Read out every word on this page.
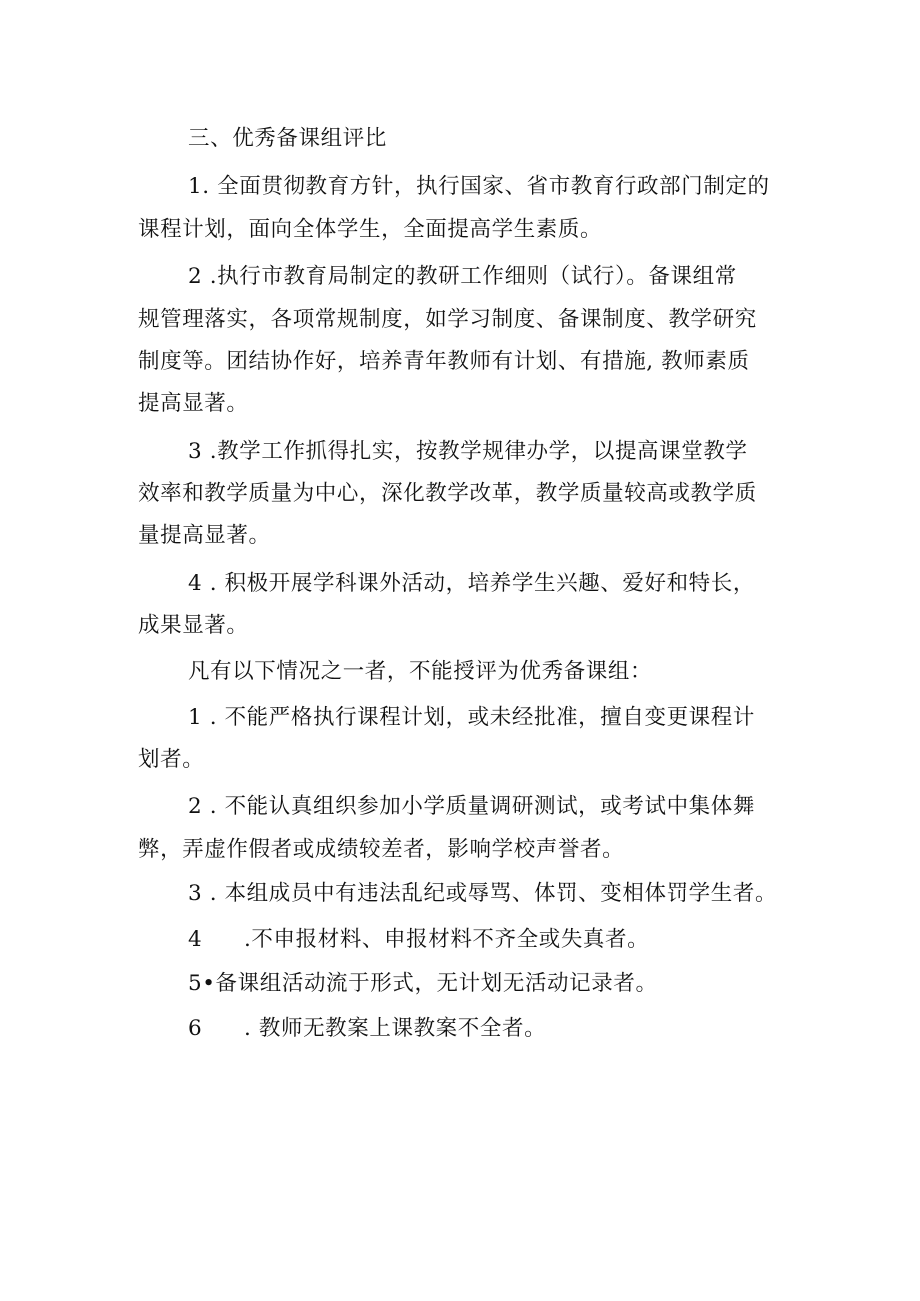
三、优秀备课组评比
1. 全面贯彻教育方针，执行国家、省市教育行政部门制定的
课程计划，面向全体学生，全面提高学生素质。
2 .执行市教育局制定的教研工作细则（试行）。备课组常
规管理落实，各项常规制度，如学习制度、备课制度、教学研究
制度等。团结协作好，培养青年教师有计划、有措施, 教师素质
提高显著。
3 .教学工作抓得扎实，按教学规律办学，以提高课堂教学
效率和教学质量为中心，深化教学改革，教学质量较高或教学质
量提高显著。
4 . 积极开展学科课外活动，培养学生兴趣、爱好和特长，
成果显著。
凡有以下情况之一者，不能授评为优秀备课组：
1 . 不能严格执行课程计划，或未经批准，擅自变更课程计
划者。
2 . 不能认真组织参加小学质量调研测试，或考试中集体舞
弊，弄虚作假者或成绩较差者，影响学校声誉者。
3 . 本组成员中有违法乱纪或辱骂、体罚、变相体罚学生者。
4 .不申报材料、申报材料不齐全或失真者。
5•备课组活动流于形式，无计划无活动记录者。
6 . 教师无教案上课教案不全者。
